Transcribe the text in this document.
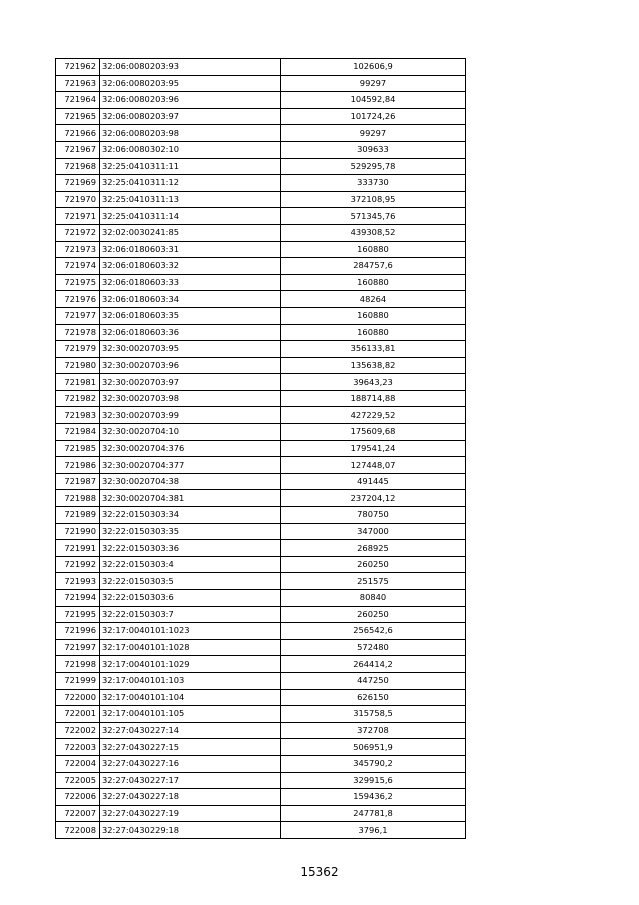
721962	32:06:0080203:93	102606,9
721963	32:06:0080203:95	99297
721964	32:06:0080203:96	104592,84
721965	32:06:0080203:97	101724,26
721966	32:06:0080203:98	99297
721967	32:06:0080302:10	309633
721968	32:25:0410311:11	529295,78
721969	32:25:0410311:12	333730
721970	32:25:0410311:13	372108,95
721971	32:25:0410311:14	571345,76
721972	32:02:0030241:85	439308,52
721973	32:06:0180603:31	160880
721974	32:06:0180603:32	284757,6
721975	32:06:0180603:33	160880
721976	32:06:0180603:34	48264
721977	32:06:0180603:35	160880
721978	32:06:0180603:36	160880
721979	32:30:0020703:95	356133,81
721980	32:30:0020703:96	135638,82
721981	32:30:0020703:97	39643,23
721982	32:30:0020703:98	188714,88
721983	32:30:0020703:99	427229,52
721984	32:30:0020704:10	175609,68
721985	32:30:0020704:376	179541,24
721986	32:30:0020704:377	127448,07
721987	32:30:0020704:38	491445
721988	32:30:0020704:381	237204,12
721989	32:22:0150303:34	780750
721990	32:22:0150303:35	347000
721991	32:22:0150303:36	268925
721992	32:22:0150303:4	260250
721993	32:22:0150303:5	251575
721994	32:22:0150303:6	80840
721995	32:22:0150303:7	260250
721996	32:17:0040101:1023	256542,6
721997	32:17:0040101:1028	572480
721998	32:17:0040101:1029	264414,2
721999	32:17:0040101:103	447250
722000	32:17:0040101:104	626150
722001	32:17:0040101:105	315758,5
722002	32:27:0430227:14	372708
722003	32:27:0430227:15	506951,9
722004	32:27:0430227:16	345790,2
722005	32:27:0430227:17	329915,6
722006	32:27:0430227:18	159436,2
722007	32:27:0430227:19	247781,8
722008	32:27:0430229:18	3796,1
15362
